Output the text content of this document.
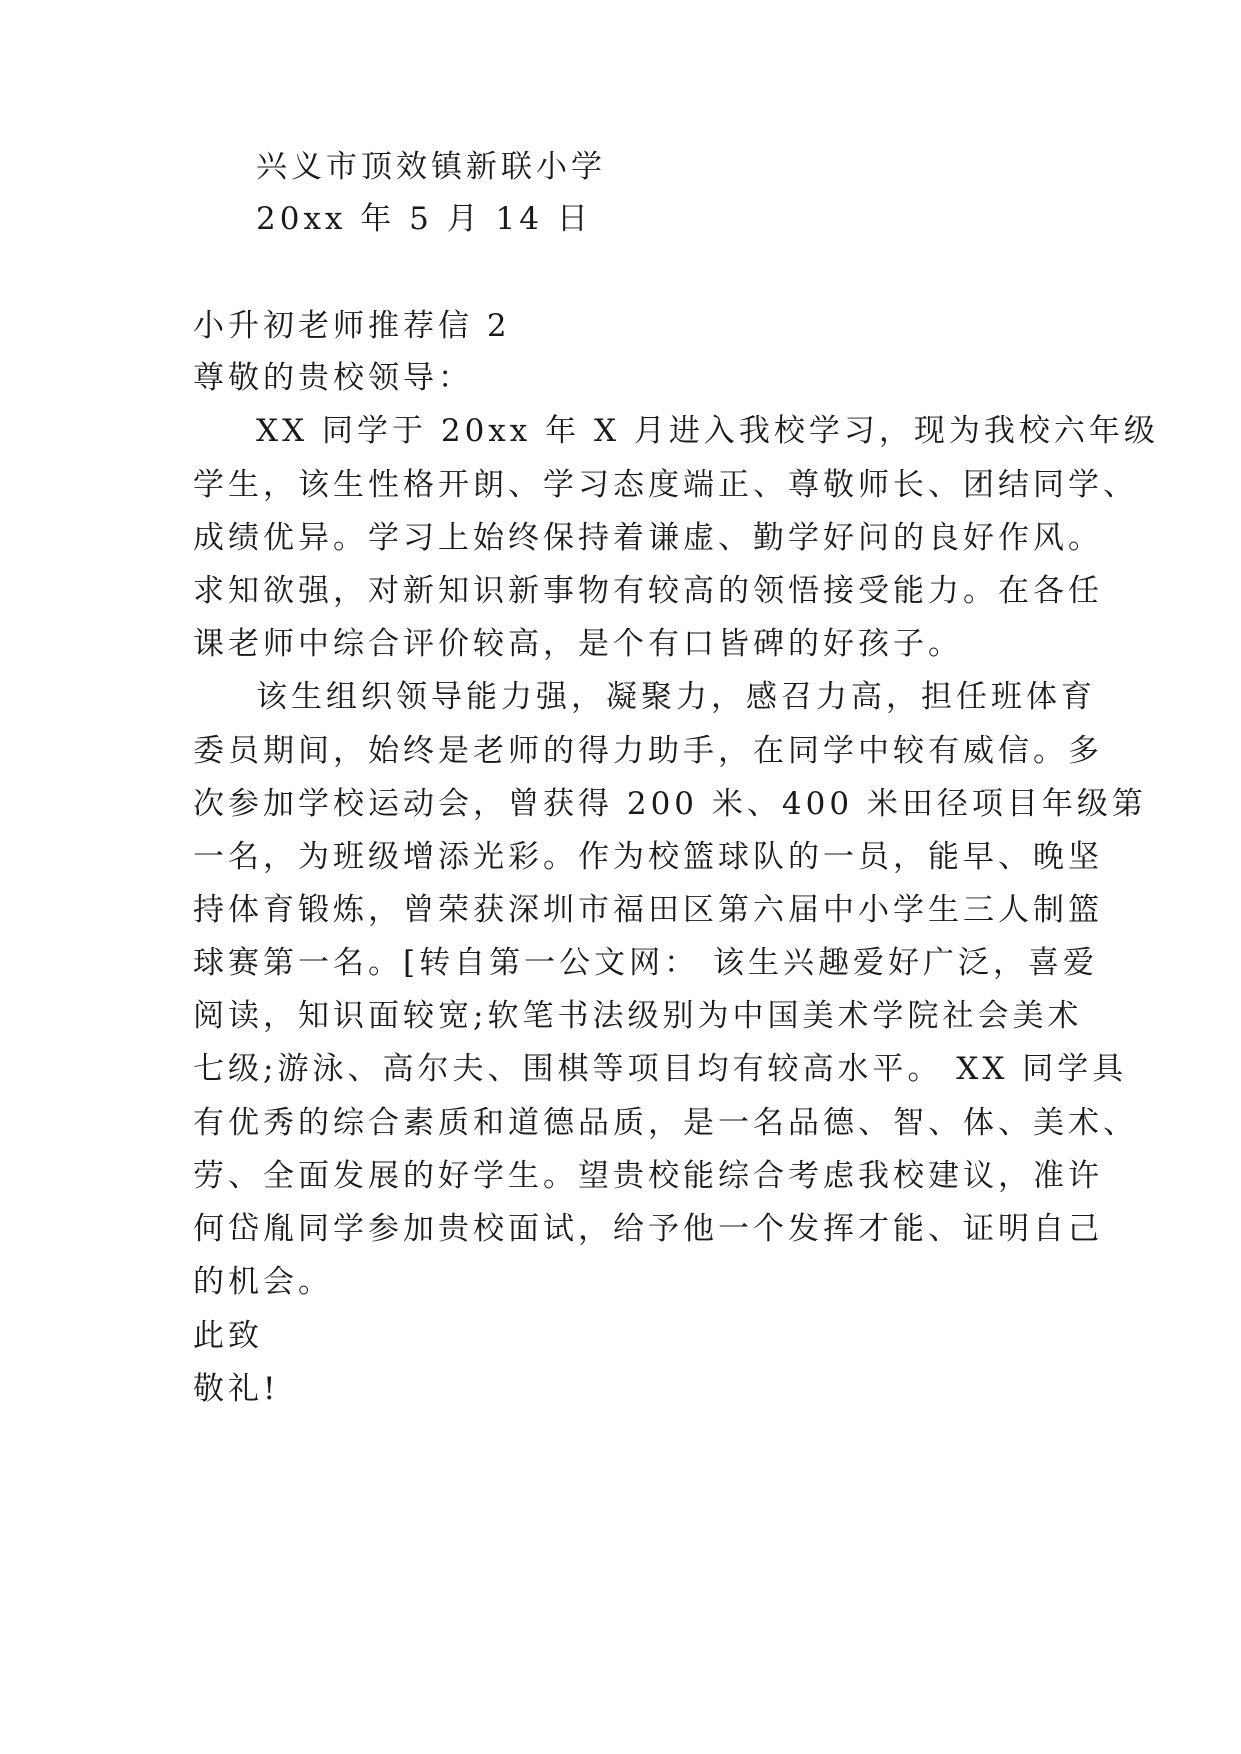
兴义市顶效镇新联小学
20xx 年 5 月 14 日
小升初老师推荐信 2
尊敬的贵校领导：
XX 同学于 20xx 年 X 月进入我校学习，现为我校六年级
学生，该生性格开朗、学习态度端正、尊敬师长、团结同学、
成绩优异。学习上始终保持着谦虚、勤学好问的良好作风。
求知欲强，对新知识新事物有较高的领悟接受能力。在各任
课老师中综合评价较高，是个有口皆碑的好孩子。
该生组织领导能力强，凝聚力，感召力高，担任班体育
委员期间，始终是老师的得力助手，在同学中较有威信。多
次参加学校运动会，曾获得 200 米、400 米田径项目年级第
一名，为班级增添光彩。作为校篮球队的一员，能早、晚坚
持体育锻炼，曾荣获深圳市福田区第六届中小学生三人制篮
球赛第一名。[转自第一公文网： 该生兴趣爱好广泛，喜爱
阅读，知识面较宽;软笔书法级别为中国美术学院社会美术
七级;游泳、高尔夫、围棋等项目均有较高水平。 XX 同学具
有优秀的综合素质和道德品质，是一名品德、智、体、美术、
劳、全面发展的好学生。望贵校能综合考虑我校建议，准许
何岱胤同学参加贵校面试，给予他一个发挥才能、证明自己
的机会。
此致
敬礼!
